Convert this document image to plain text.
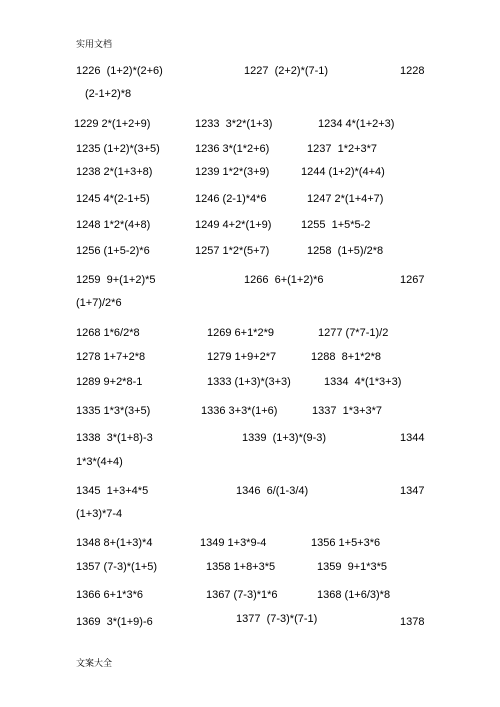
实用文档
1226  (1+2)*(2+6)	1227  (2+2)*(7-1)	1228
(2-1+2)*8
1229 2*(1+2+9)	1233  3*2*(1+3)	1234 4*(1+2+3)
1235 (1+2)*(3+5)	1236 3*(1*2+6)	1237  1*2+3*7
1238 2*(1+3+8)	1239 1*2*(3+9)	1244 (1+2)*(4+4)
1245 4*(2-1+5)	1246 (2-1)*4*6	1247 2*(1+4+7)
1248 1*2*(4+8)	1249 4+2*(1+9)	1255  1+5*5-2
1256 (1+5-2)*6	1257 1*2*(5+7)	1258  (1+5)/2*8
1259  9+(1+2)*5	1266  6+(1+2)*6	1267
(1+7)/2*6
1268 1*6/2*8	1269 6+1*2*9	1277 (7*7-1)/2
1278 1+7+2*8	1279 1+9+2*7	1288  8+1*2*8
1289 9+2*8-1	1333 (1+3)*(3+3)	1334  4*(1*3+3)
1335 1*3*(3+5)	1336 3+3*(1+6)	1337  1*3+3*7
1338  3*(1+8)-3	1339  (1+3)*(9-3)	1344
1*3*(4+4)
1345  1+3+4*5	1346  6/(1-3/4)	1347
(1+3)*7-4
1348 8+(1+3)*4	1349 1+3*9-4	1356 1+5+3*6
1357 (7-3)*(1+5)	1358 1+8+3*5	1359  9+1*3*5
1366 6+1*3*6	1367 (7-3)*1*6	1368 (1+6/3)*8
1369  3*(1+9)-6	1377  (7-3)*(7-1)	1378
文案大全
